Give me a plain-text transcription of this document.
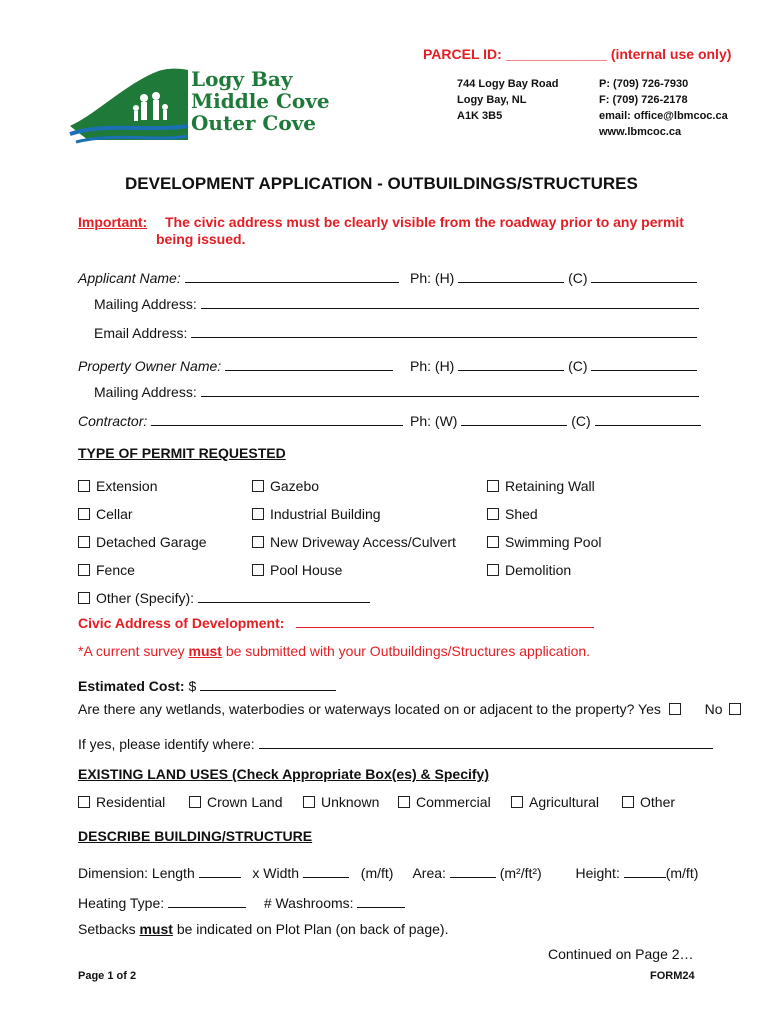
Logy Bay
Middle Cove
Outer Cove
PARCEL ID: _____________ (internal use only)
744 Logy Bay Road
Logy Bay, NL
A1K 3B5
P: (709) 726-7930
F: (709) 726-2178
email: office@lbmcoc.ca
www.lbmcoc.ca
DEVELOPMENT APPLICATION - OUTBUILDINGS/STRUCTURES
Important: The civic address must be clearly visible from the roadway prior to any permit
being issued.
Applicant Name:	Ph: (H)	(C)
Mailing Address:
Email Address:
Property Owner Name:	Ph: (H)	(C)
Mailing Address:
Contractor:	Ph: (W)	(C)
TYPE OF PERMIT REQUESTED
Extension	Gazebo	Retaining Wall
Cellar	Industrial Building	Shed
Detached Garage	New Driveway Access/Culvert	Swimming Pool
Fence	Pool House	Demolition
Other (Specify):
Civic Address of Development:
*A current survey must be submitted with your Outbuildings/Structures application.
Estimated Cost: $
Are there any wetlands, waterbodies or waterways located on or adjacent to the property? Yes	No
If yes, please identify where:
EXISTING LAND USES (Check Appropriate Box(es) & Specify)
Residential	Crown Land	Unknown	Commercial	Agricultural	Other
DESCRIBE BUILDING/STRUCTURE
Dimension: Length	x Width	(m/ft) Area:	(m²/ft²) Height:	(m/ft)
Heating Type:	# Washrooms:
Setbacks must be indicated on Plot Plan (on back of page).
Continued on Page 2…
Page 1 of 2	FORM24
